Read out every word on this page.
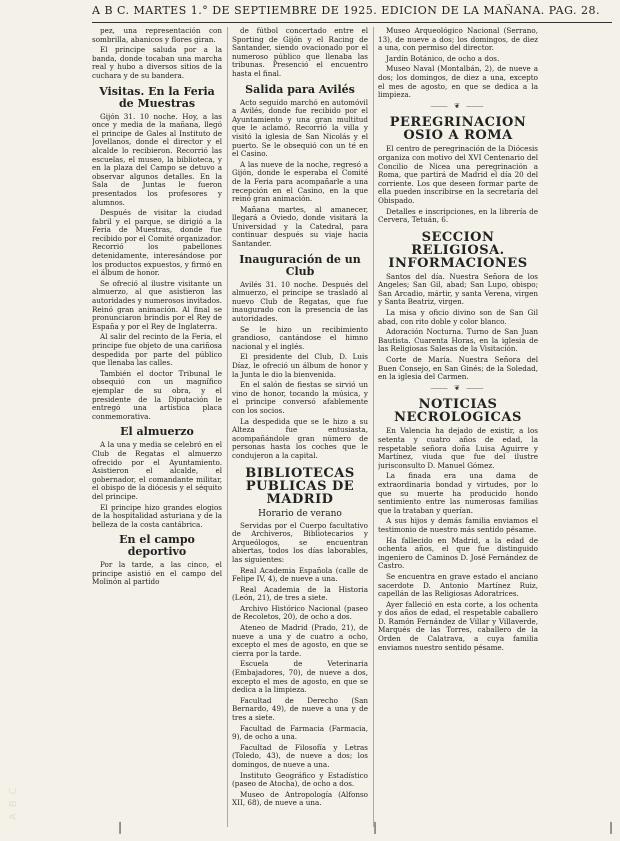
ABC
A B C. MARTES 1.° DE SEPTIEMBRE DE 1925. EDICION DE LA MAÑANA. PAG. 28.

pez, una representación con sombrilla, abanicos y flores giran.

El principe saluda por a la banda, donde tocaban una marcha real y hubo a diversos sitios de la cuchara y de su bandera.

Visitas. En la Feria de Muestras

Gijón 31. 10 noche. Hoy, a las once y media de la mañana, llegó el principe de Gales al Instituto de Jovellanos, donde el director y el alcalde lo recibieron. Recorrió las escuelas, el museo, la biblioteca, y en la plaza del Campo se detuvo a observar algunos detalles. En la Sala de Juntas le fueron presentados los profesores y alumnos.

Después de visitar la ciudad fabril y el parque, se dirigió a la Feria de Muestras, donde fue recibido por el Comité organizador. Recorrió los pabellones detenidamente, interesándose por los productos expuestos, y firmó en el álbum de honor.

Se ofreció al ilustre visitante un almuerzo, al que asistieron las autoridades y numerosos invitados. Reinó gran animación. Al final se pronunciaron brindis por el Rey de España y por el Rey de Inglaterra.

Al salir del recinto de la Feria, el principe fue objeto de una cariñosa despedida por parte del público que llenaba las calles.

También el doctor Tribunal le obsequió con un magnífico ejemplar de su obra, y el presidente de la Diputación le entregó una artística placa conmemorativa.

El almuerzo

A la una y media se celebró en el Club de Regatas el almuerzo ofrecido por el Ayuntamiento. Asistieron el alcalde, el gobernador, el comandante militar, el obispo de la diócesis y el séquito del principe.

El principe hizo grandes elogios de la hospitalidad asturiana y de la belleza de la costa cantábrica.

En el campo deportivo

Por la tarde, a las cinco, el principe asistió en el campo del Molinón al partido

de fútbol concertado entre el Sporting de Gijón y el Racing de Santander, siendo ovacionado por el numeroso público que llenaba las tribunas. Presenció el encuentro hasta el final.

Salida para Avilés

Acto seguido marchó en automóvil a Avilés, donde fue recibido por el Ayuntamiento y una gran multitud que le aclamó. Recorrió la villa y visitó la iglesia de San Nicolás y el puerto. Se le obsequió con un té en el Casino.

A las nueve de la noche, regresó a Gijón, donde le esperaba el Comité de la Feria para acompañarle a una recepción en el Casino, en la que reinó gran animación.

Mañana martes, al amanecer, llegará a Oviedo, donde visitará la Universidad y la Catedral, para continuar después su viaje hacia Santander.

Inauguración de un Club

Avilés 31. 10 noche. Después del almuerzo, el principe se trasladó al nuevo Club de Regatas, que fue inaugurado con la presencia de las autoridades.

Se le hizo un recibimiento grandioso, cantándose el himno nacional y el inglés.

El presidente del Club, D. Luis Díaz, le ofreció un álbum de honor y la Junta le dio la bienvenida.

En el salón de fiestas se sirvió un vino de honor, tocando la música, y el principe conversó afablemente con los socios.

La despedida que se le hizo a su Alteza fue entusiasta, acompañándole gran número de personas hasta los coches que le condujeron a la capital.

BIBLIOTECAS PUBLICAS DE MADRID
Horario de verano

Servidas por el Cuerpo facultativo de Archiveros, Bibliotecarios y Arqueólogos, se encuentran abiertas, todos los días laborables, las siguientes:

Real Academia Española (calle de Felipe IV, 4), de nueve a una.

Real Academia de la Historia (León, 21), de tres a siete.

Archivo Histórico Nacional (paseo de Recoletos, 20), de ocho a dos.

Ateneo de Madrid (Prado, 21), de nueve a una y de cuatro a ocho, excepto el mes de agosto, en que se cierra por la tarde.

Escuela de Veterinaria (Embajadores, 70), de nueve a dos, excepto el mes de agosto, en que se dedica a la limpieza.

Facultad de Derecho (San Bernardo, 49), de nueve a una y de tres a siete.

Facultad de Farmacia (Farmacia, 9), de ocho a una.

Facultad de Filosofía y Letras (Toledo, 43), de nueve a dos; los domingos, de nueve a una.

Instituto Geográfico y Estadístico (paseo de Atocha), de ocho a dos.

Museo de Antropología (Alfonso XII, 68), de nueve a una.

Museo Arqueológico Nacional (Serrano, 13), de nueve a dos; los domingos, de diez a una, con permiso del director.

Jardín Botánico, de ocho a dos.

Museo Naval (Montalbán, 2), de nueve a dos; los domingos, de diez a una, excepto el mes de agosto, en que se dedica a la limpieza.

⸻ ❦ ⸻
PEREGRINACION OSIO A ROMA

El centro de peregrinación de la Diócesis organiza con motivo del XVI Centenario del Concilio de Nicea una peregrinación a Roma, que partirá de Madrid el día 20 del corriente. Los que deseen formar parte de ella pueden inscribirse en la secretaría del Obispado.

Detalles e inscripciones, en la librería de Cervera, Tetuán, 6.

SECCION RELIGIOSA. INFORMACIONES

Santos del día. Nuestra Señora de los Angeles; San Gil, abad; San Lupo, obispo; San Arcadio, mártir, y santa Verena, virgen y Santa Beatriz, virgen.

La misa y oficio divino son de San Gil abad, con rito doble y color blanco.

Adoración Nocturna. Turno de San Juan Bautista. Cuarenta Horas, en la iglesia de las Religiosas Salesas de la Visitación.

Corte de María. Nuestra Señora del Buen Consejo, en San Ginés; de la Soledad, en la iglesia del Carmen.

⸻ ❦ ⸻
NOTICIAS NECROLOGICAS

En Valencia ha dejado de existir, a los setenta y cuatro años de edad, la respetable señora doña Luisa Aguirre y Martínez, viuda que fue del ilustre jurisconsulto D. Manuel Gómez.

La finada era una dama de extraordinaria bondad y virtudes, por lo que su muerte ha producido hondo sentimiento entre las numerosas familias que la trataban y querían.

A sus hijos y demás familia enviamos el testimonio de nuestro más sentido pésame.

Ha fallecido en Madrid, a la edad de ochenta años, el que fue distinguido ingeniero de Caminos D. José Fernández de Castro.

Se encuentra en grave estado el anciano sacerdote D. Antonio Martínez Ruiz, capellán de las Religiosas Adoratrices.

Ayer falleció en esta corte, a los ochenta y dos años de edad, el respetable caballero D. Ramón Fernández de Villar y Villaverde, Marqués de las Torres, caballero de la Orden de Calatrava, a cuya familia enviamos nuestro sentido pésame.

❘	❘	❘
